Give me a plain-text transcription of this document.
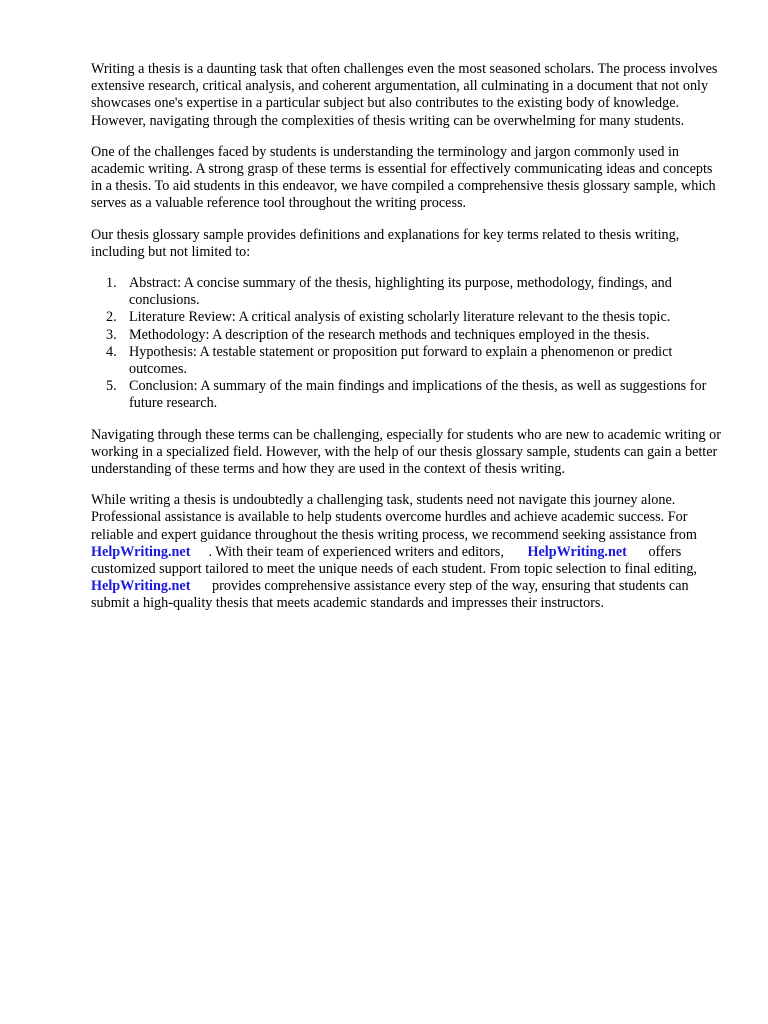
Writing a thesis is a daunting task that often challenges even the most seasoned scholars. The process involves extensive research, critical analysis, and coherent argumentation, all culminating in a document that not only showcases one's expertise in a particular subject but also contributes to the existing body of knowledge. However, navigating through the complexities of thesis writing can be overwhelming for many students.

One of the challenges faced by students is understanding the terminology and jargon commonly used in academic writing. A strong grasp of these terms is essential for effectively communicating ideas and concepts in a thesis. To aid students in this endeavor, we have compiled a comprehensive thesis glossary sample, which serves as a valuable reference tool throughout the writing process.

Our thesis glossary sample provides definitions and explanations for key terms related to thesis writing, including but not limited to:

1. Abstract: A concise summary of the thesis, highlighting its purpose, methodology, findings, and conclusions.
2. Literature Review: A critical analysis of existing scholarly literature relevant to the thesis topic.
3. Methodology: A description of the research methods and techniques employed in the thesis.
4. Hypothesis: A testable statement or proposition put forward to explain a phenomenon or predict outcomes.
5. Conclusion: A summary of the main findings and implications of the thesis, as well as suggestions for future research.

Navigating through these terms can be challenging, especially for students who are new to academic writing or working in a specialized field. However, with the help of our thesis glossary sample, students can gain a better understanding of these terms and how they are used in the context of thesis writing.

While writing a thesis is undoubtedly a challenging task, students need not navigate this journey alone. Professional assistance is available to help students overcome hurdles and achieve academic success. For reliable and expert guidance throughout the thesis writing process, we recommend seeking assistance fromHelpWriting.net . With their team of experienced writers and editors, HelpWriting.net offers customized support tailored to meet the unique needs of each student. From topic selection to final editing, HelpWriting.net provides comprehensive assistance every step of the way, ensuring that students can submit a high-quality thesis that meets academic standards and impresses their instructors.
